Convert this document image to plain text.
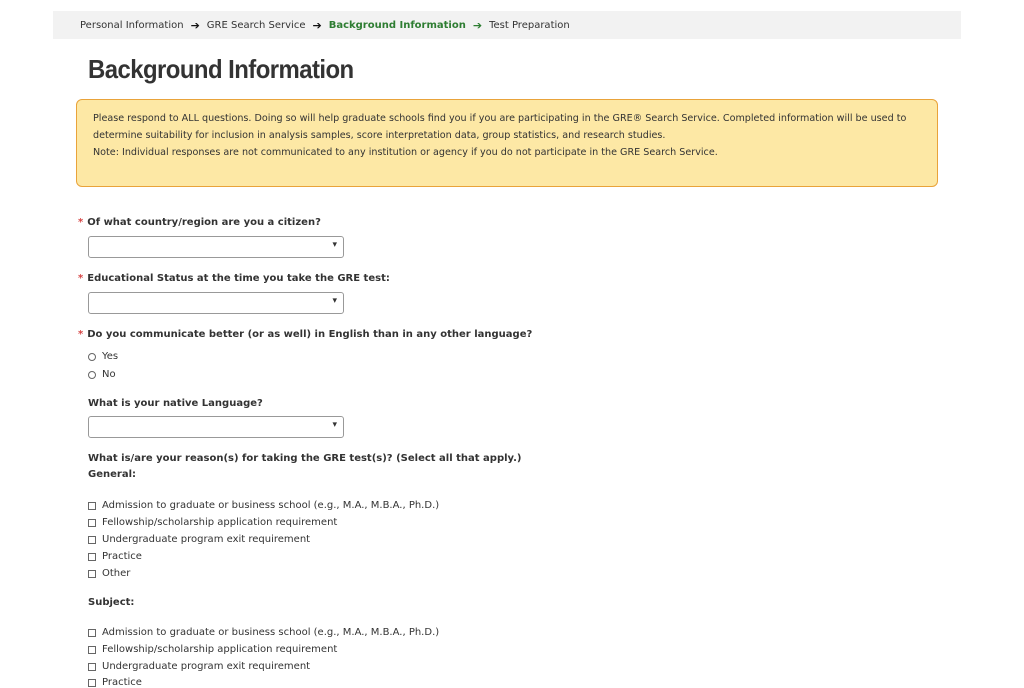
Personal Information ➔ GRE Search Service ➔ Background Information ➔ Test Preparation
Background Information

Please respond to ALL questions. Doing so will help graduate schools find you if you are participating in the GRE® Search Service. Completed information will be used to determine suitability for inclusion in analysis samples, score interpretation data, group statistics, and research studies.

Note: Individual responses are not communicated to any institution or agency if you do not participate in the GRE Search Service.

* Of what country/region are you a citizen?
▾
* Educational Status at the time you take the GRE test:
▾
* Do you communicate better (or as well) in English than in any other language?
Yes
No
What is your native Language?
▾
What is/are your reason(s) for taking the GRE test(s)? (Select all that apply.)
General:
Admission to graduate or business school (e.g., M.A., M.B.A., Ph.D.)
Fellowship/scholarship application requirement
Undergraduate program exit requirement
Practice
Other
Subject:
Admission to graduate or business school (e.g., M.A., M.B.A., Ph.D.)
Fellowship/scholarship application requirement
Undergraduate program exit requirement
Practice
